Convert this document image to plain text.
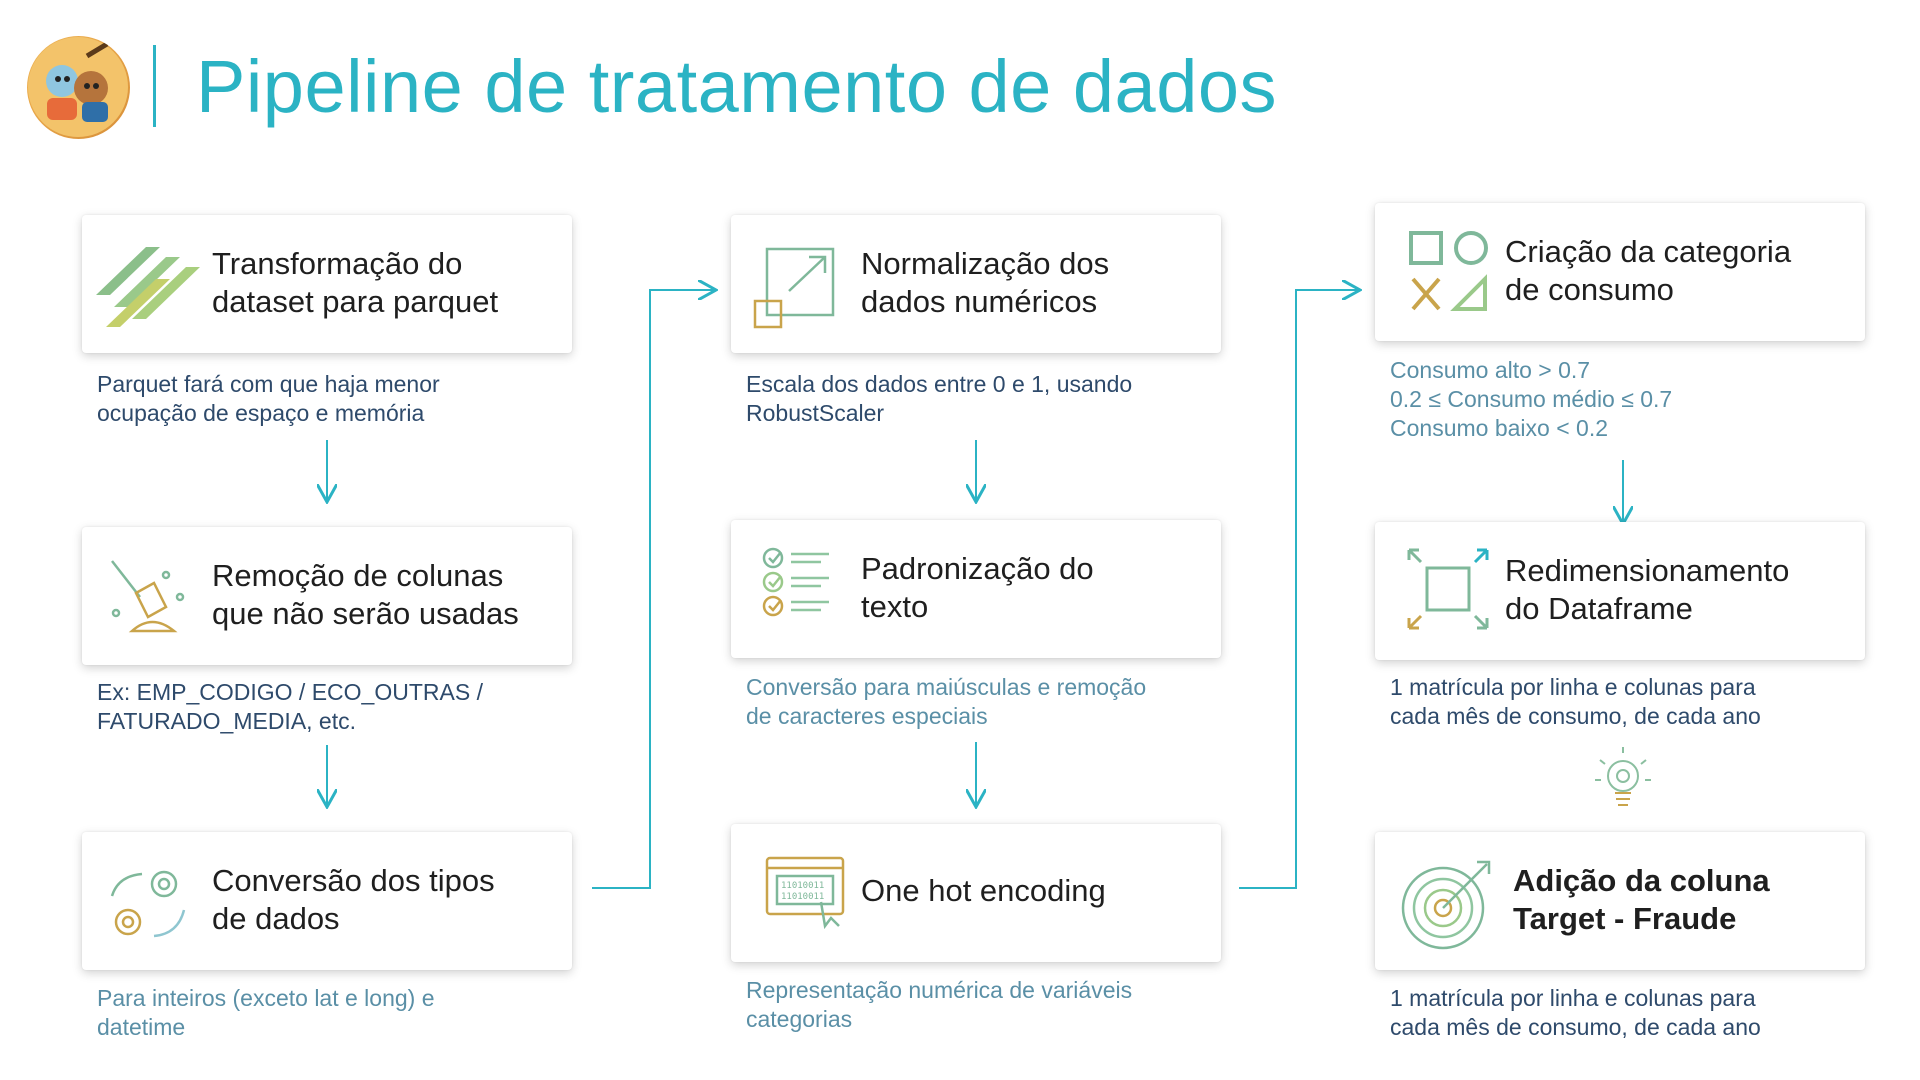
Pipeline de tratamento de dados
Transformação do
dataset para parquet
Parquet fará com que haja menor
ocupação de espaço e memória
Remoção de colunas
que não serão usadas
Ex: EMP_CODIGO / ECO_OUTRAS /
FATURADO_MEDIA, etc.
Conversão dos tipos
de dados
Para inteiros (exceto lat e long) e
datetime
Normalização dos
dados numéricos
Escala dos dados entre 0 e 1, usando
RobustScaler
Padronização do
texto
Conversão para maiúsculas e remoção
de caracteres especiais
11010011
11010011 One hot encoding
Representação numérica de variáveis
categorias
Criação da categoria
de consumo
Consumo alto > 0.7
0.2 ≤ Consumo médio ≤ 0.7
Consumo baixo < 0.2
Redimensionamento
do Dataframe
1 matrícula por linha e colunas para
cada mês de consumo, de cada ano
Adição da coluna
Target - Fraude
1 matrícula por linha e colunas para
cada mês de consumo, de cada ano
